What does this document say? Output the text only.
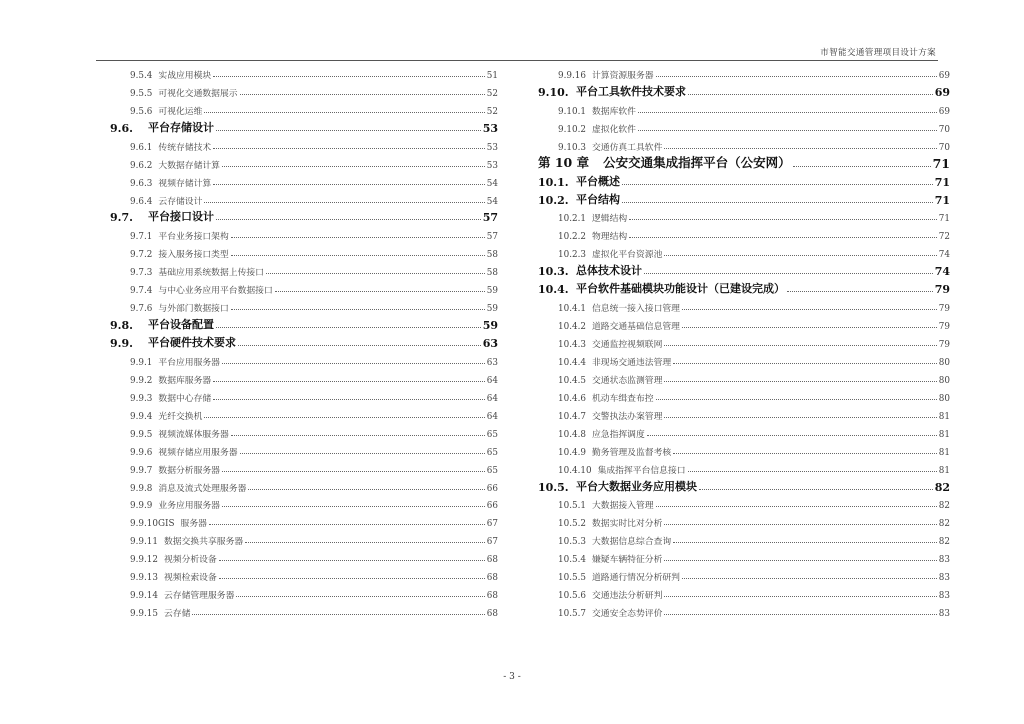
市智能交通管理项目设计方案
9.5.4 实战应用模块	51
9.5.5 可视化交通数据展示	52
9.5.6 可视化运维	52
9.6.	平台存储设计	53
9.6.1 传统存储技术	53
9.6.2 大数据存储计算	53
9.6.3 视频存储计算	54
9.6.4 云存储设计	54
9.7.	平台接口设计	57
9.7.1 平台业务接口架构	57
9.7.2 接入服务接口类型	58
9.7.3 基础应用系统数据上传接口	58
9.7.4 与中心业务应用平台数据接口	59
9.7.6 与外部门数据接口	59
9.8.	平台设备配置	59
9.9.	平台硬件技术要求	63
9.9.1 平台应用服务器	63
9.9.2 数据库服务器	64
9.9.3 数据中心存储	64
9.9.4 光纤交换机	64
9.9.5 视频流媒体服务器	65
9.9.6 视频存储应用服务器	65
9.9.7 数据分析服务器	65
9.9.8 消息及流式处理服务器	66
9.9.9 业务应用服务器	66
9.9.10GIS 服务器	67
9.9.11 数据交换共享服务器	67
9.9.12 视频分析设备	68
9.9.13 视频检索设备	68
9.9.14 云存储管理服务器	68
9.9.15 云存储	68
9.9.16 计算资源服务器	69
9.10. 平台工具软件技术要求	69
9.10.1 数据库软件	69
9.10.2 虚拟化软件	70
9.10.3 交通仿真工具软件	70
第 10 章 公安交通集成指挥平台（公安网）	71
10.1. 平台概述	71
10.2. 平台结构	71
10.2.1 逻辑结构	71
10.2.2 物理结构	72
10.2.3 虚拟化平台资源池	74
10.3. 总体技术设计	74
10.4. 平台软件基础模块功能设计（已建设完成）	79
10.4.1 信息统一接入接口管理	79
10.4.2 道路交通基础信息管理	79
10.4.3 交通监控视频联网	79
10.4.4 非现场交通违法管理	80
10.4.5 交通状态监测管理	80
10.4.6 机动车缉查布控	80
10.4.7 交警执法办案管理	81
10.4.8 应急指挥调度	81
10.4.9 勤务管理及监督考核	81
10.4.10 集成指挥平台信息接口	81
10.5. 平台大数据业务应用模块	82
10.5.1 大数据接入管理	82
10.5.2 数据实时比对分析	82
10.5.3 大数据信息综合查询	82
10.5.4 嫌疑车辆特征分析	83
10.5.5 道路通行情况分析研判	83
10.5.6 交通违法分析研判	83
10.5.7 交通安全态势评价	83
- 3 -
